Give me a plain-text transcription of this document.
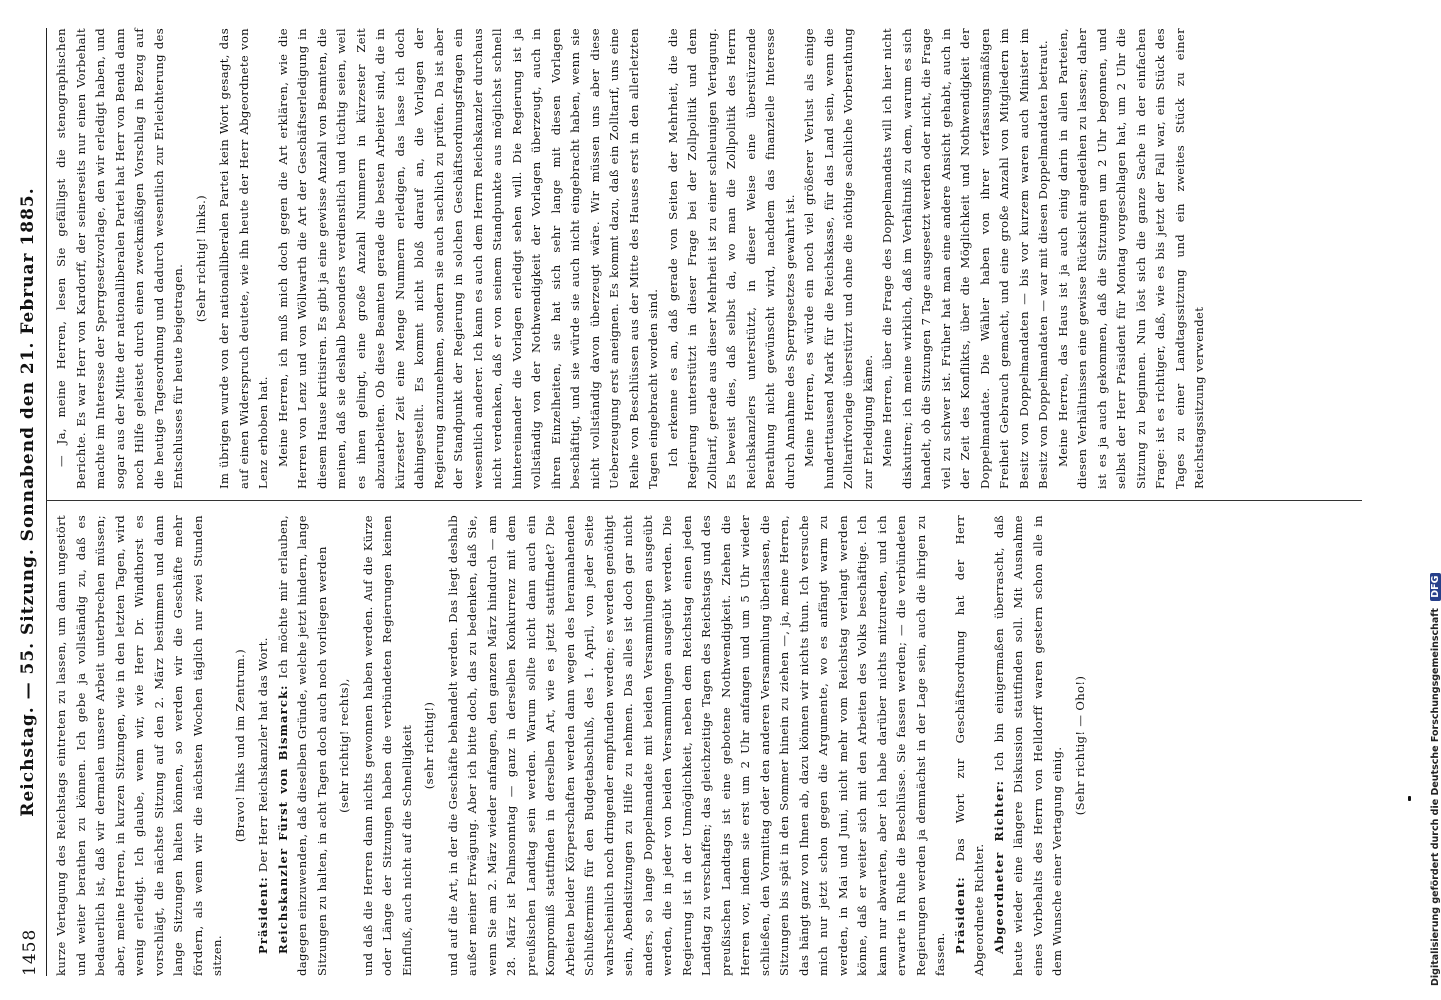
1458
Reichstag. — 55. Sitzung. Sonnabend den 21. Februar 1885. kurze Vertagung des Reichstags eintreten zu lassen, um dann ungestört und weiter berathen zu können. Ich gebe ja vollständig zu, daß es bedauerlich ist, daß wir dermalen unsere Arbeit unterbrechen müssen; aber, meine Herren, in kurzen Sitzungen, wie in den letzten Tagen, wird wenig erledigt. Ich glaube, wenn wir, wie Herr Dr. Windthorst es vorschlägt, die nächste Sitzung auf den 2. März bestimmen und dann lange Sitzungen halten können, so werden wir die Geschäfte mehr fördern, als wenn wir die nächsten Wochen täglich nur zwei Stunden sitzen.

(Bravo! links und im Zentrum.)

Präsident: Der Herr Reichskanzler hat das Wort. Reichskanzler Fürst von Bismarck: Ich möchte mir erlauben, dagegen einzuwenden, daß dieselben Gründe, welche jetzt hindern, lange Sitzungen zu halten, in acht Tagen doch auch noch vorliegen werden (sehr richtig! rechts), und daß die Herren dann nichts gewonnen haben werden. Auf die Kürze oder Länge der Sitzungen haben die verbündeten Regierungen keinen Einfluß, auch nicht auf die Schnelligkeit (sehr richtig!) und auf die Art, in der die Geschäfte behandelt werden. Das liegt deshalb außer meiner Erwägung. Aber ich bitte doch, das zu bedenken, daß Sie, wenn Sie am 2. März wieder anfangen, den ganzen März hindurch — am 28. März ist Palmsonntag — ganz in derselben Konkurrenz mit dem preußischen Landtag sein werden. Warum sollte nicht dann auch ein Kompromiß stattfinden in derselben Art, wie es jetzt stattfindet? Die Arbeiten beider Körperschaften werden dann wegen des herannahenden Schlußtermins für den Budgetabschluß, des 1. April, von jeder Seite wahrscheinlich noch dringender empfunden werden; es werden genöthigt sein, Abendsitzungen zu Hilfe zu nehmen. Das alles ist doch gar nicht anders, so lange Doppelmandate mit beiden Versammlungen ausgeübt werden, die in jeder von beiden Versammlungen ausgeübt werden. Die Regierung ist in der Unmöglichkeit, neben dem Reichstag einen jeden Landtag zu verschaffen; das gleichzeitige Tagen des Reichstags und des preußischen Landtags ist eine gebotene Nothwendigkeit. Ziehen die Herren vor, indem sie erst um 2 Uhr anfangen und um 5 Uhr wieder schließen, den Vormittag oder den anderen Versammlung überlassen, die Sitzungen bis spät in den Sommer hinein zu ziehen —, ja, meine Herren, das hängt ganz von Ihnen ab, dazu können wir nichts thun. Ich versuche mich nur jetzt schon gegen die Argumente, wo es anfängt warm zu werden, in Mai und Juni, nicht mehr vom Reichstag verlangt werden könne, daß er weiter sich mit den Arbeiten des Volks beschäftige. Ich kann nur abwarten, aber ich habe darüber nichts mitzureden, und ich erwarte in Ruhe die Beschlüsse. Sie fassen werden; — die verbündeten Regierungen werden ja demnächst in der Lage sein, auch die ihrigen zu fassen.

Präsident: Das Wort zur Geschäftsordnung hat der Herr Abgeordnete Richter. Abgeordneter Richter: Ich bin einigermaßen überrascht, daß heute wieder eine längere Diskussion stattfinden soll. Mit Ausnahme eines Vorbehalts des Herrn von Helldorff waren gestern schon alle in dem Wunsche einer Vertagung einig.

(Sehr richtig! — Oho!)

— Ja, meine Herren, lesen Sie gefälligst die stenographischen Berichte. Es war Herr von Kardorff, der seinerseits nur einen Vorbehalt machte im Interesse der Sperrgesetzvorlage, den wir erledigt haben, und sogar aus der Mitte der nationalliberalen Partei hat Herr von Benda dann noch Hilfe geleistet durch einen zweckmäßigen Vorschlag in Bezug auf die heutige Tagesordnung und dadurch wesentlich zur Erleichterung des Entschlusses für heute beigetragen.

(Sehr richtig! links.) Im übrigen wurde von der nationalliberalen Partei kein Wort gesagt, das auf einen Widerspruch deutete, wie ihn heute der Herr Abgeordnete von Lenz erhoben hat. Meine Herren, ich muß mich doch gegen die Art erklären, wie die Herren von Lenz und von Wöllwarth die Art der Geschäftserledigung in diesem Hause kritisiren. Es gibt ja eine gewisse Anzahl von Beamten, die meinen, daß sie deshalb besonders verdienstlich und tüchtig seien, weil es ihnen gelingt, eine große Anzahl Nummern in kürzester Zeit abzuarbeiten. Ob diese Beamten gerade die besten Arbeiter sind, die in kürzester Zeit eine Menge Nummern erledigen, das lasse ich doch dahingestellt. Es kommt nicht bloß darauf an, die Vorlagen der Regierung anzunehmen, sondern sie auch sachlich zu prüfen. Da ist aber der Standpunkt der Regierung in solchen Geschäftsordnungsfragen ein wesentlich anderer. Ich kann es auch dem Herrn Reichskanzler durchaus nicht verdenken, daß er von seinem Standpunkte aus möglichst schnell hintereinander die Vorlagen erledigt sehen will. Die Regierung ist ja vollständig von der Nothwendigkeit der Vorlagen überzeugt, auch in ihren Einzelheiten, sie hat sich sehr lange mit diesen Vorlagen beschäftigt, und sie würde sie auch nicht eingebracht haben, wenn sie nicht vollständig davon überzeugt wäre. Wir müssen uns aber diese Ueberzeugung erst aneignen. Es kommt dazu, daß ein Zolltarif, uns eine Reihe von Beschlüssen aus der Mitte des Hauses erst in den allerletzten Tagen eingebracht worden sind. Ich erkenne es an, daß gerade von Seiten der Mehrheit, die die Regierung unterstützt in dieser Frage bei der Zollpolitik und dem Zolltarif, gerade aus dieser Mehrheit ist zu einer schleunigen Vertagung. Es beweist dies, daß selbst da, wo man die Zollpolitik des Herrn Reichskanzlers unterstützt, in dieser Weise eine überstürzende Berathung nicht gewünscht wird, nachdem das finanzielle Interesse durch Annahme des Sperrgesetzes gewahrt ist. Meine Herren, es würde ein noch viel größerer Verlust als einige hunderttausend Mark für die Reichskasse, für das Land sein, wenn die Zolltarifvorlage überstürzt und ohne die nöthige sachliche Vorberathung zur Erledigung käme. Meine Herren, über die Frage des Doppelmandats will ich hier nicht diskutiren; ich meine wirklich, daß im Verhältniß zu dem, warum es sich handelt, ob die Sitzungen 7 Tage ausgesetzt werden oder nicht, die Frage viel zu schwer ist. Früher hat man eine andere Ansicht gehabt, auch in der Zeit des Konflikts, über die Möglichkeit und Nothwendigkeit der Doppelmandate. Die Wähler haben von ihrer verfassungsmäßigen Freiheit Gebrauch gemacht, und eine große Anzahl von Mitgliedern im Besitz von Doppelmandaten — bis vor kurzem waren auch Minister im Besitz von Doppelmandaten — war mit diesen Doppelmandaten betraut. Meine Herren, das Haus ist ja auch einig darin in allen Parteien, diesen Verhältnissen eine gewisse Rücksicht angedeihen zu lassen; daher ist es ja auch gekommen, daß die Sitzungen um 2 Uhr begonnen, und selbst der Herr Präsident für Montag vorgeschlagen hat, um 2 Uhr die Sitzung zu beginnen. Nun löst sich die ganze Sache in der einfachen Frage: ist es richtiger, daß, wie es bis jetzt der Fall war, ein Stück des Tages zu einer Landtagssitzung und ein zweites Stück zu einer Reichstagssitzung verwendet

Digitalisierung gefördert durch die Deutsche Forschungsgemeinschaft DFG
